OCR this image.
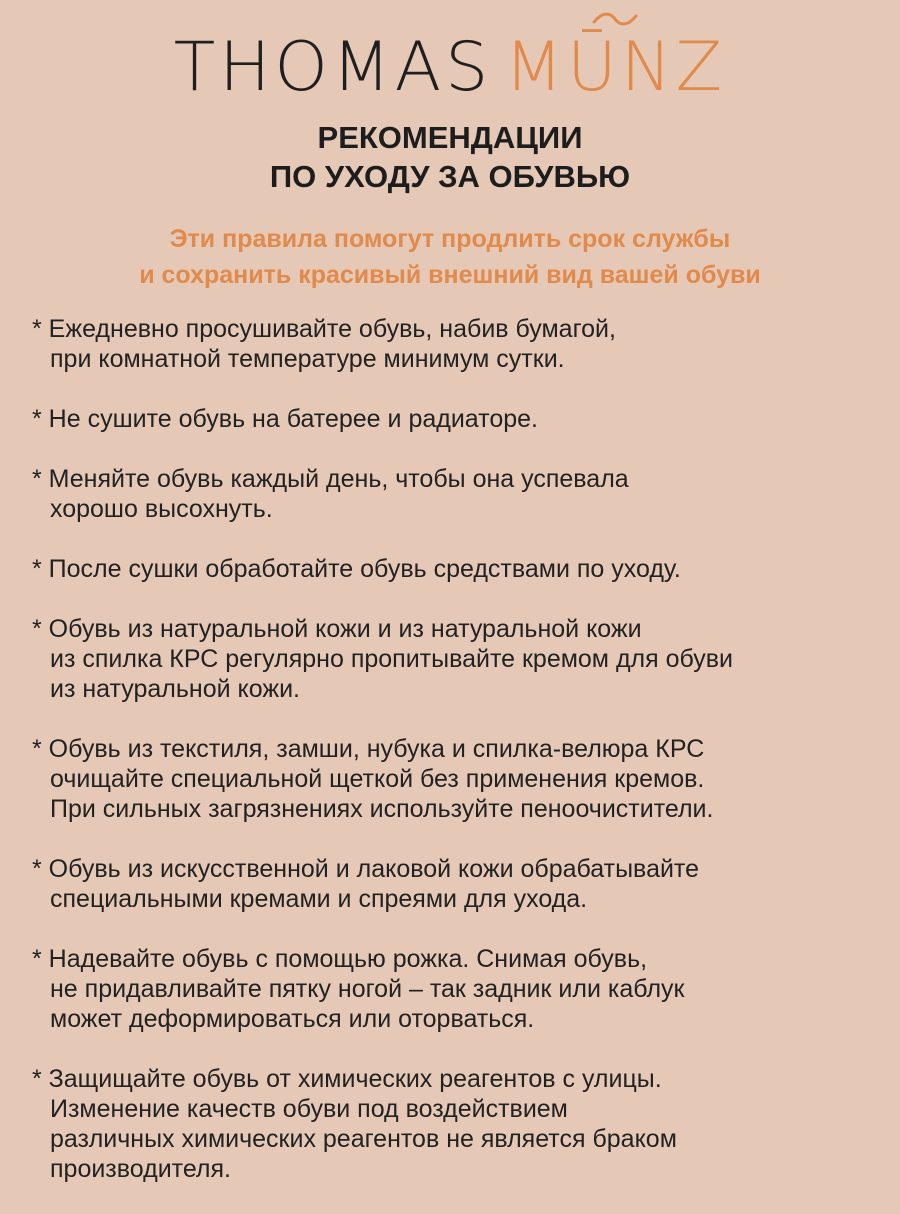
THOMAS MŪNZ
РЕКОМЕНДАЦИИ
ПО УХОДУ ЗА ОБУВЬЮ
Эти правила помогут продлить срок службы
и сохранить красивый внешний вид вашей обуви
* Ежедневно просушивайте обувь, набив бумагой,
при комнатной температуре минимум сутки.
* Не сушите обувь на батерее и радиаторе.
* Меняйте обувь каждый день, чтобы она успевала
хорошо высохнуть.
* После сушки обработайте обувь средствами по уходу.
* Обувь из натуральной кожи и из натуральной кожи
из спилка КРС регулярно пропитывайте кремом для обуви
из натуральной кожи.
* Обувь из текстиля, замши, нубука и спилка-велюра КРС
очищайте специальной щеткой без применения кремов.
При сильных загрязнениях используйте пеноочистители.
* Обувь из искусственной и лаковой кожи обрабатывайте
специальными кремами и спреями для ухода.
* Надевайте обувь с помощью рожка. Снимая обувь,
не придавливайте пятку ногой – так задник или каблук
может деформироваться или оторваться.
* Защищайте обувь от химических реагентов с улицы.
Изменение качеств обуви под воздействием
различных химических реагентов не является браком
производителя.
